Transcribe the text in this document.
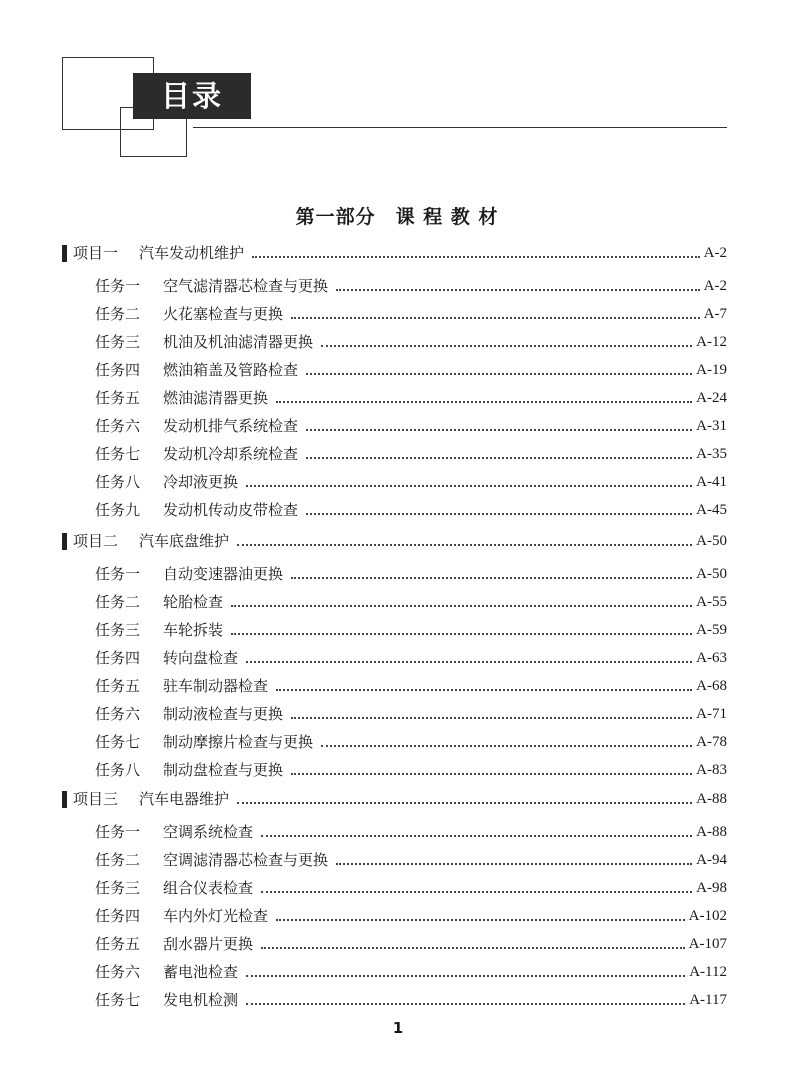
目录
第一部分　课 程 教 材
项目一	汽车发动机维护	A-2
任务一	空气滤清器芯检查与更换	A-2
任务二	火花塞检查与更换	A-7
任务三	机油及机油滤清器更换	A-12
任务四	燃油箱盖及管路检查	A-19
任务五	燃油滤清器更换	A-24
任务六	发动机排气系统检查	A-31
任务七	发动机冷却系统检查	A-35
任务八	冷却液更换	A-41
任务九	发动机传动皮带检查	A-45
项目二	汽车底盘维护	A-50
任务一	自动变速器油更换	A-50
任务二	轮胎检查	A-55
任务三	车轮拆装	A-59
任务四	转向盘检查	A-63
任务五	驻车制动器检查	A-68
任务六	制动液检查与更换	A-71
任务七	制动摩擦片检查与更换	A-78
任务八	制动盘检查与更换	A-83
项目三	汽车电器维护	A-88
任务一	空调系统检查	A-88
任务二	空调滤清器芯检查与更换	A-94
任务三	组合仪表检查	A-98
任务四	车内外灯光检查	A-102
任务五	刮水器片更换	A-107
任务六	蓄电池检查	A-112
任务七	发电机检测	A-117
1
